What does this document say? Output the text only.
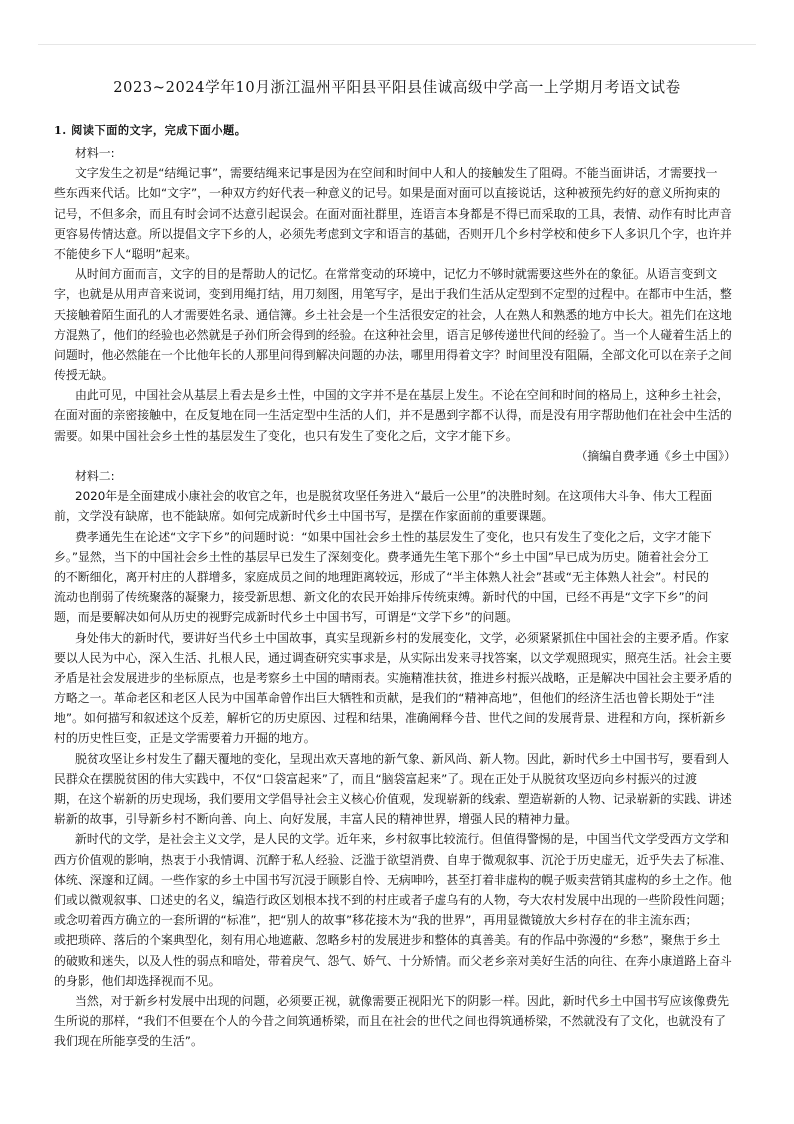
2023~2024学年10月浙江温州平阳县平阳县佳诚高级中学高一上学期月考语文试卷
1. 阅读下面的文字，完成下面小题。
材料一:
文字发生之初是“结绳记事”，需要结绳来记事是因为在空间和时间中人和人的接触发生了阻碍。不能当面讲话，才需要找一
些东西来代话。比如“文字”，一种双方约好代表一种意义的记号。如果是面对面可以直接说话，这种被预先约好的意义所拘束的
记号，不但多余，而且有时会词不达意引起误会。在面对面社群里，连语言本身都是不得已而采取的工具，表情、动作有时比声音
更容易传情达意。所以提倡文字下乡的人，必须先考虑到文字和语言的基础，否则开几个乡村学校和使乡下人多识几个字，也许并
不能使乡下人“聪明”起来。
从时间方面而言，文字的目的是帮助人的记忆。在常常变动的环境中，记忆力不够时就需要这些外在的象征。从语言变到文
字，也就是从用声音来说词，变到用绳打结，用刀刻图，用笔写字，是出于我们生活从定型到不定型的过程中。在都市中生活，整
天接触着陌生面孔的人才需要姓名录、通信簿。乡土社会是一个生活很安定的社会，人在熟人和熟悉的地方中长大。祖先们在这地
方混熟了，他们的经验也必然就是子孙们所会得到的经验。在这种社会里，语言足够传递世代间的经验了。当一个人碰着生活上的
问题时，他必然能在一个比他年长的人那里问得到解决问题的办法，哪里用得着文字？时间里没有阻隔，全部文化可以在亲子之间
传授无缺。
由此可见，中国社会从基层上看去是乡土性，中国的文字并不是在基层上发生。不论在空间和时间的格局上，这种乡土社会，
在面对面的亲密接触中，在反复地在同一生活定型中生活的人们，并不是愚到字都不认得，而是没有用字帮助他们在社会中生活的
需要。如果中国社会乡土性的基层发生了变化，也只有发生了变化之后，文字才能下乡。
（摘编自费孝通《乡土中国》）
材料二:
2020年是全面建成小康社会的收官之年，也是脱贫攻坚任务进入“最后一公里”的决胜时刻。在这项伟大斗争、伟大工程面
前，文学没有缺席，也不能缺席。如何完成新时代乡土中国书写，是摆在作家面前的重要课题。
费孝通先生在论述“文字下乡”的问题时说：“如果中国社会乡土性的基层发生了变化，也只有发生了变化之后，文字才能下
乡。”显然，当下的中国社会乡土性的基层早已发生了深刻变化。费孝通先生笔下那个“乡土中国”早已成为历史。随着社会分工
的不断细化，离开村庄的人群增多，家庭成员之间的地理距离较远，形成了“半主体熟人社会”甚或“无主体熟人社会”。村民的
流动也削弱了传统聚落的凝聚力，接受新思想、新文化的农民开始排斥传统束缚。新时代的中国，已经不再是“文字下乡”的问
题，而是要解决如何从历史的视野完成新时代乡土中国书写，可谓是“文学下乡”的问题。
身处伟大的新时代，要讲好当代乡土中国故事，真实呈现新乡村的发展变化，文学，必须紧紧抓住中国社会的主要矛盾。作家
要以人民为中心，深入生活、扎根人民，通过调查研究实事求是，从实际出发来寻找答案，以文学观照现实，照亮生活。社会主要
矛盾是社会发展进步的坐标原点，也是考察乡土中国的晴雨表。实施精准扶贫，推进乡村振兴战略，正是解决中国社会主要矛盾的
方略之一。革命老区和老区人民为中国革命曾作出巨大牺牲和贡献，是我们的“精神高地”，但他们的经济生活也曾长期处于“洼
地”。如何描写和叙述这个反差，解析它的历史原因、过程和结果，准确阐释今昔、世代之间的发展背景、进程和方向，探析新乡
村的历史性巨变，正是文学需要着力开掘的地方。
脱贫攻坚让乡村发生了翻天覆地的变化，呈现出欢天喜地的新气象、新风尚、新人物。因此，新时代乡土中国书写，要看到人
民群众在摆脱贫困的伟大实践中，不仅“口袋富起来”了，而且“脑袋富起来”了。现在正处于从脱贫攻坚迈向乡村振兴的过渡
期，在这个崭新的历史现场，我们要用文学倡导社会主义核心价值观，发现崭新的线索、塑造崭新的人物、记录崭新的实践、讲述
崭新的故事，引导新乡村不断向善、向上、向好发展，丰富人民的精神世界，增强人民的精神力量。
新时代的文学，是社会主义文学，是人民的文学。近年来，乡村叙事比较流行。但值得警惕的是，中国当代文学受西方文学和
西方价值观的影响，热衷于小我情调、沉醉于私人经验、泛滥于欲望消费、自卑于微观叙事、沉沦于历史虚无，近乎失去了标准、
体统、深邃和辽阔。一些作家的乡土中国书写沉浸于顾影自怜、无病呻吟，甚至打着非虚构的幌子贩卖营销其虚构的乡土之作。他
们或以微观叙事、口述史的名义，编造行政区划根本找不到的村庄或者子虚乌有的人物，夸大农村发展中出现的一些阶段性问题；
或念叨着西方确立的一套所谓的“标准”，把“别人的故事”移花接木为“我的世界”，再用显微镜放大乡村存在的非主流东西；
或把琐碎、落后的个案典型化，刻有用心地遮蔽、忽略乡村的发展进步和整体的真善美。有的作品中弥漫的“乡愁”，聚焦于乡土
的破败和迷失，以及人性的弱点和暗处，带着戾气、怨气、娇气、十分矫情。而父老乡亲对美好生活的向往、在奔小康道路上奋斗
的身影，他们却选择视而不见。
当然，对于新乡村发展中出现的问题，必须要正视，就像需要正视阳光下的阴影一样。因此，新时代乡土中国书写应该像费先
生所说的那样，“我们不但要在个人的今昔之间筑通桥梁，而且在社会的世代之间也得筑通桥梁，不然就没有了文化，也就没有了
我们现在所能享受的生活”。
